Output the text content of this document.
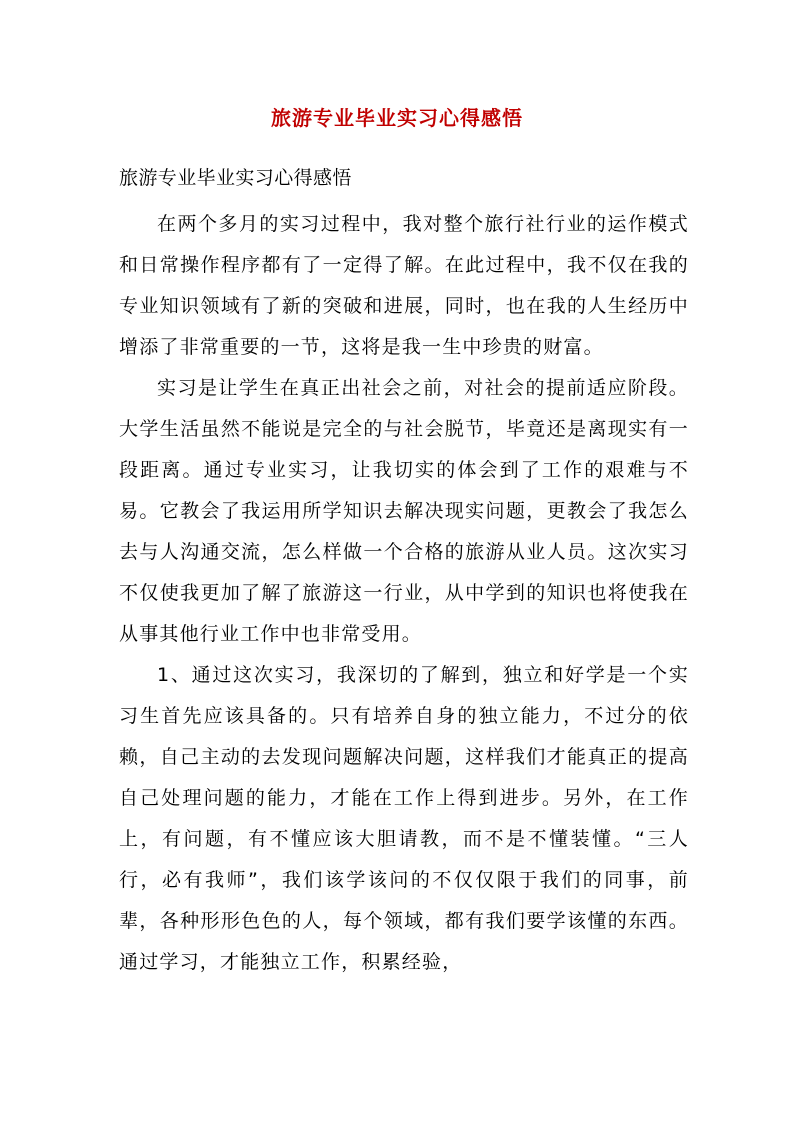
旅游专业毕业实习心得感悟
旅游专业毕业实习心得感悟

在两个多月的实习过程中，我对整个旅行社行业的运作模式和日常操作程序都有了一定得了解。在此过程中，我不仅在我的专业知识领域有了新的突破和进展，同时，也在我的人生经历中增添了非常重要的一节，这将是我一生中珍贵的财富。

实习是让学生在真正出社会之前，对社会的提前适应阶段。大学生活虽然不能说是完全的与社会脱节，毕竟还是离现实有一段距离。通过专业实习，让我切实的体会到了工作的艰难与不易。它教会了我运用所学知识去解决现实问题，更教会了我怎么去与人沟通交流，怎么样做一个合格的旅游从业人员。这次实习不仅使我更加了解了旅游这一行业，从中学到的知识也将使我在从事其他行业工作中也非常受用。

1、通过这次实习，我深切的了解到，独立和好学是一个实习生首先应该具备的。只有培养自身的独立能力，不过分的依赖，自己主动的去发现问题解决问题，这样我们才能真正的提高自己处理问题的能力，才能在工作上得到进步。另外，在工作上，有问题，有不懂应该大胆请教，而不是不懂装懂。“三人行，必有我师”，我们该学该问的不仅仅限于我们的同事，前辈，各种形形色色的人，每个领域，都有我们要学该懂的东西。通过学习，才能独立工作，积累经验，
